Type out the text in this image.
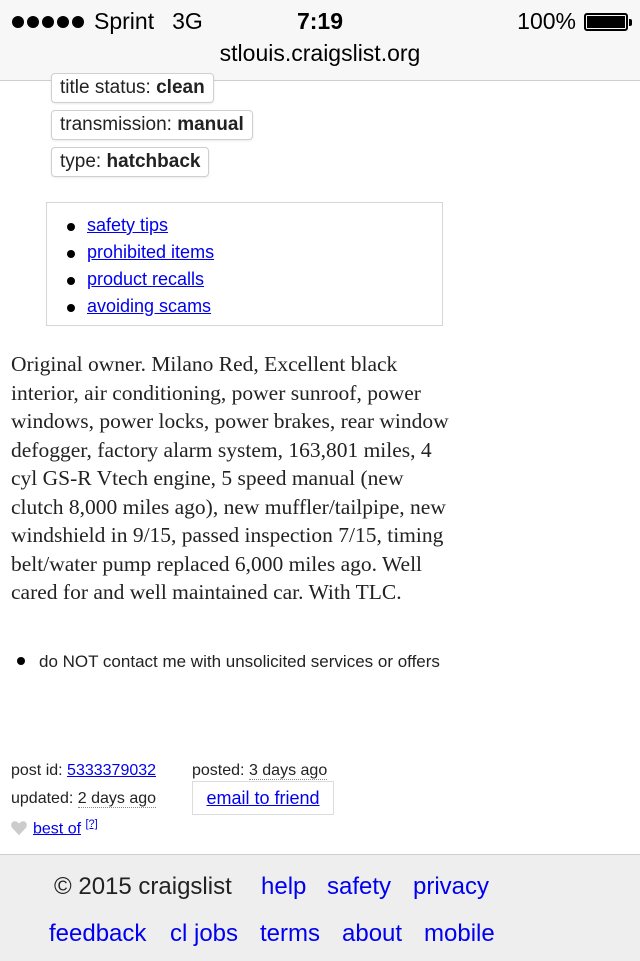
Sprint 3G	7:19	100%
stlouis.craigslist.org
title status: clean
transmission: manual
type: hatchback
safety tips
prohibited items
product recalls
avoiding scams
Original owner. Milano Red, Excellent black interior, air conditioning, power sunroof, power windows, power locks, power brakes, rear window defogger, factory alarm system, 163,801 miles, 4 cyl GS-R Vtech engine, 5 speed manual (new clutch 8,000 miles ago), new muffler/tailpipe, new windshield in 9/15, passed inspection 7/15, timing belt/water pump replaced 6,000 miles ago. Well cared for and well maintained car. With TLC.
do NOT contact me with unsolicited services or offers
post id: 5333379032 posted: 3 days ago
updated: 2 days ago	email to friend
best of [?]
© 2015 craigslist help safety privacy
feedback cl jobs terms about mobile
